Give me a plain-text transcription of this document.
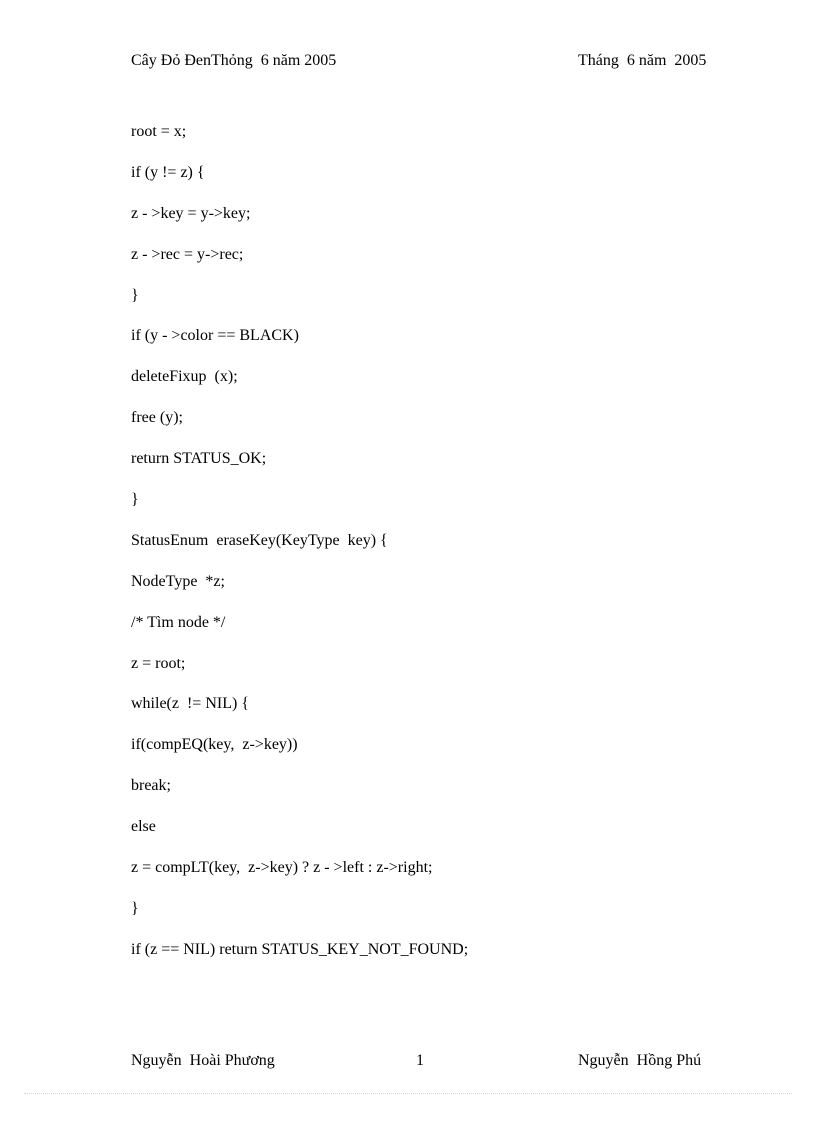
Cây Đỏ ĐenThỏng  6 năm 2005	Tháng  6 năm  2005
root = x;
if (y != z) {
z - >key = y->key;
z - >rec = y->rec;
}
if (y - >color == BLACK)
deleteFixup  (x);
free (y);
return STATUS_OK;
}
StatusEnum  eraseKey(KeyType  key) {
NodeType  *z;
/* Tìm node */
z = root;
while(z  != NIL) {
if(compEQ(key,  z->key))
break;
else
z = compLT(key,  z->key) ? z - >left : z->right;
}
if (z == NIL) return STATUS_KEY_NOT_FOUND;
Nguyễn  Hoài Phương	1	Nguyễn  Hồng Phú
